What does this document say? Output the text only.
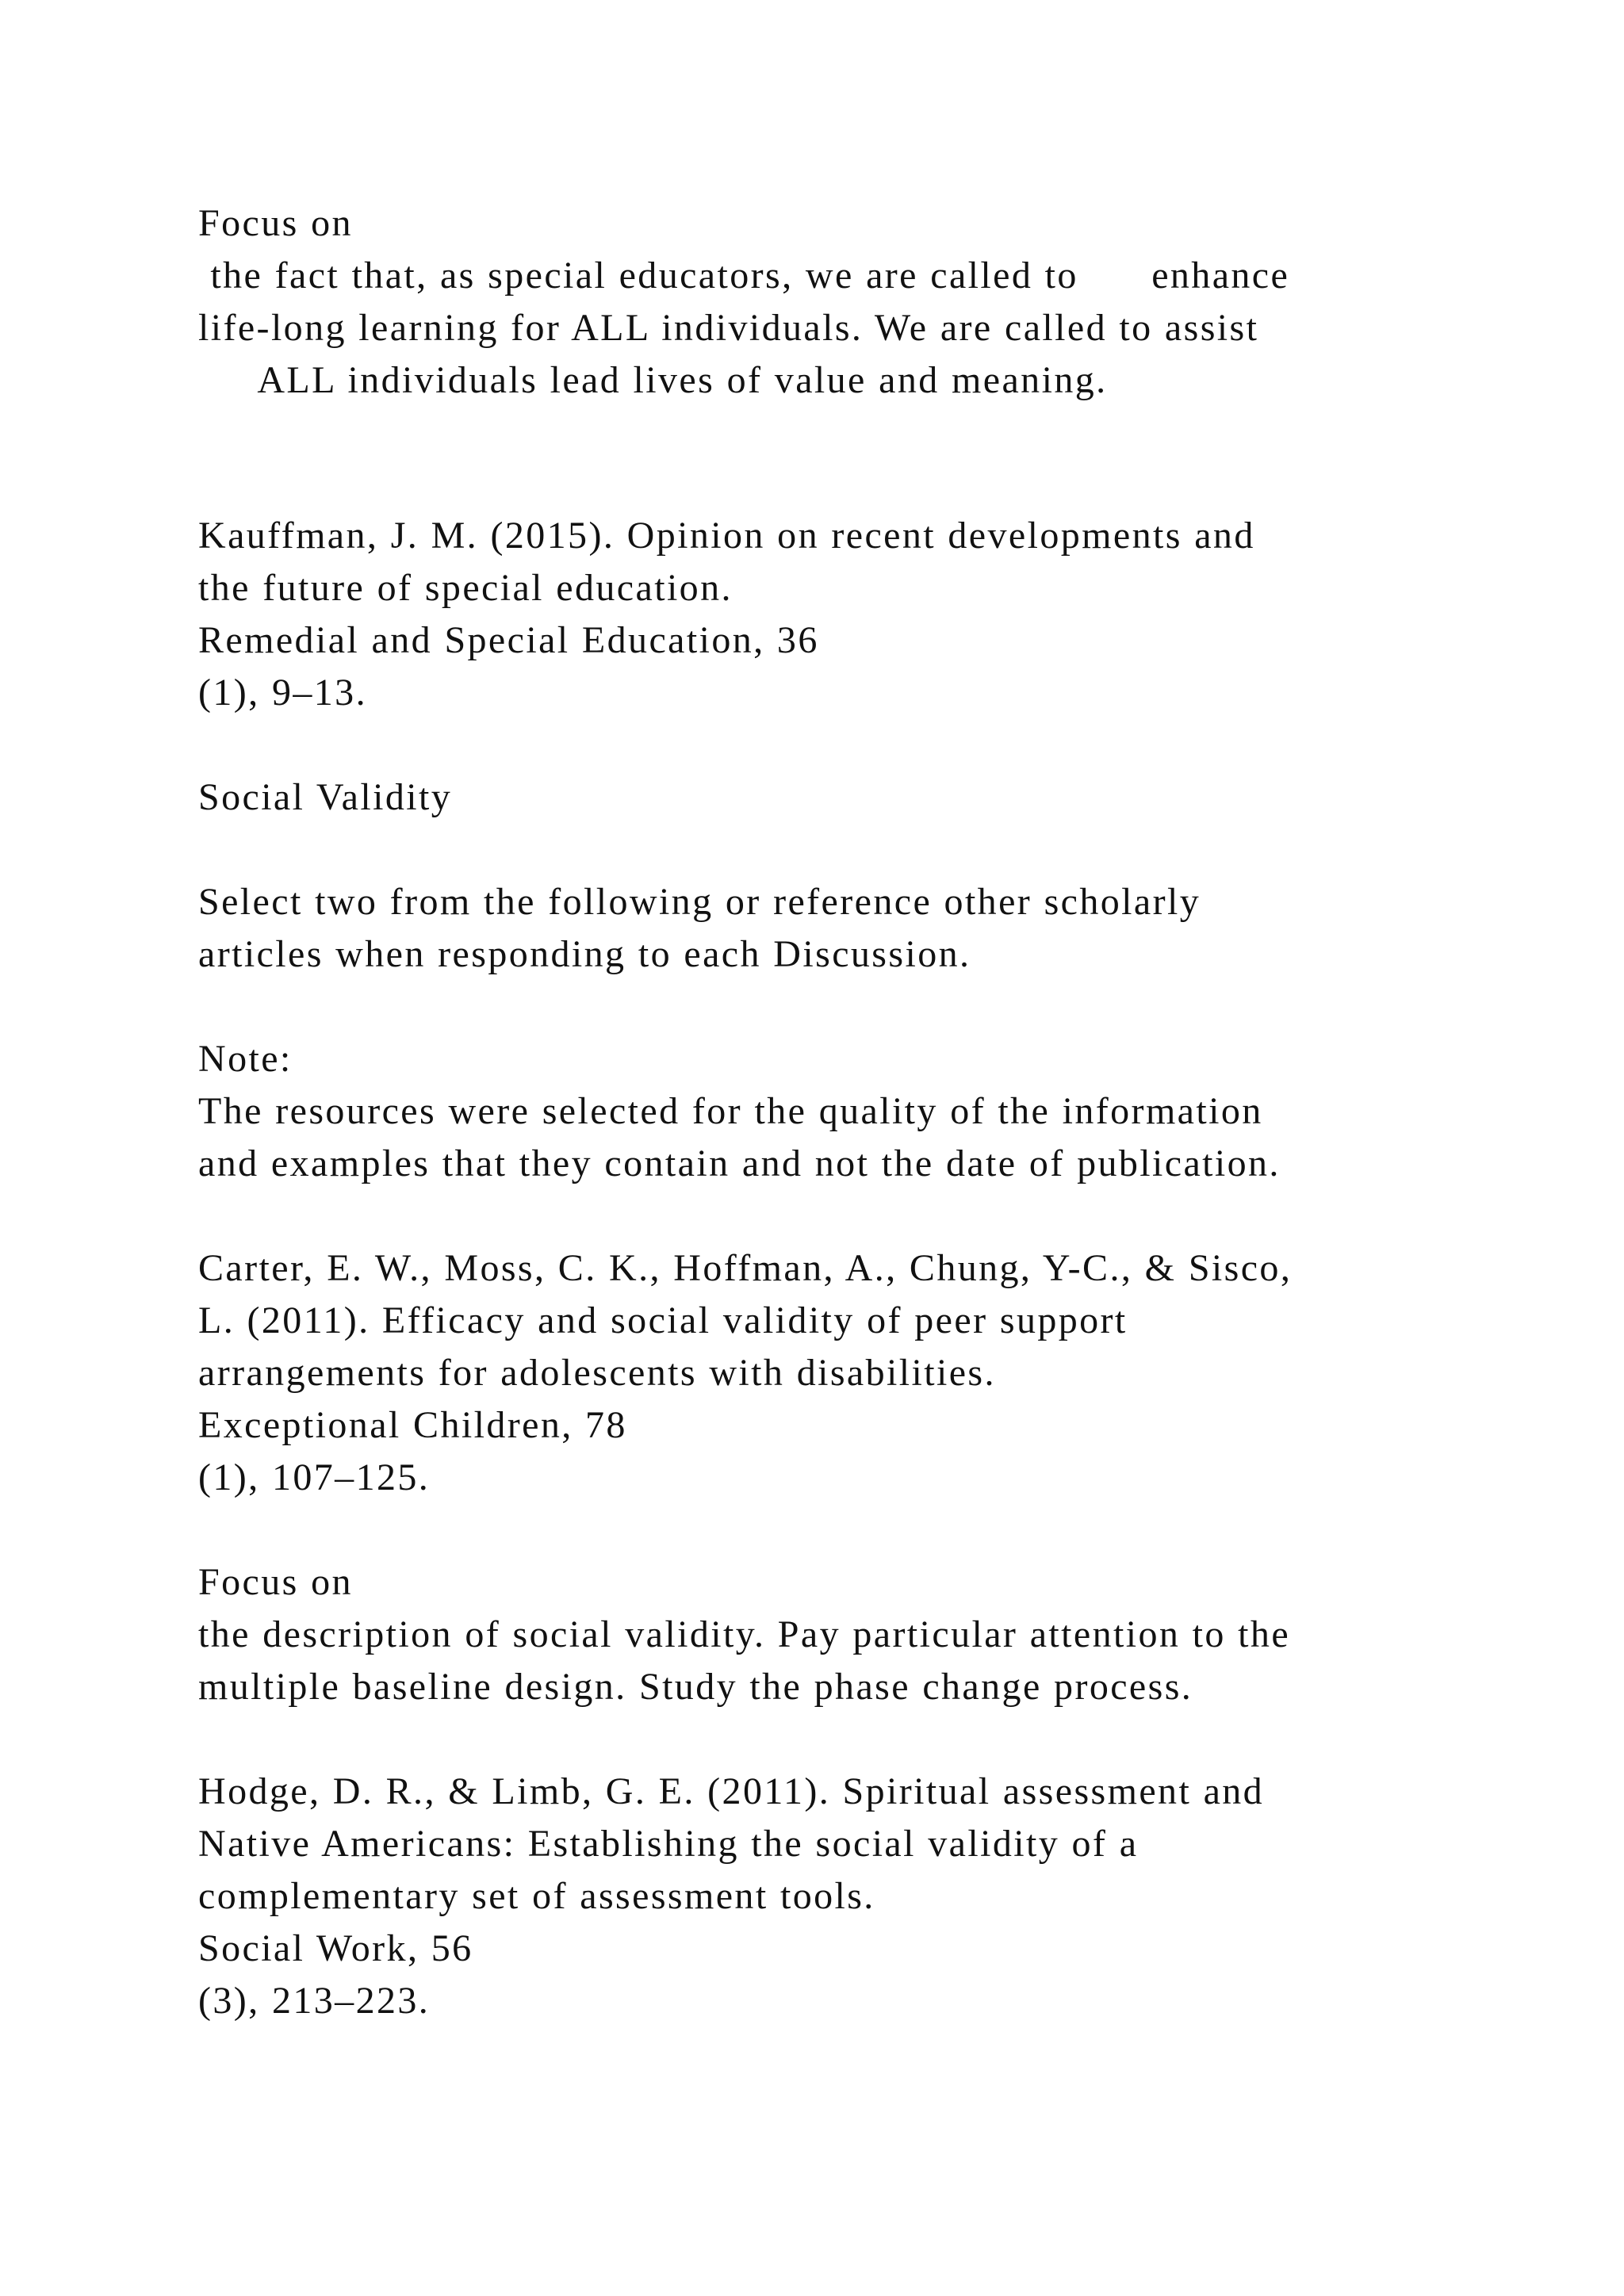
Focus on

the fact that, as special educators, we are called to      enhance

life-long learning for ALL individuals. We are called to assist

ALL individuals lead lives of value and meaning.

Kauffman, J. M. (2015). Opinion on recent developments and

the future of special education.

Remedial and Special Education, 36

(1), 9–13.

Social Validity

Select two from the following or reference other scholarly

articles when responding to each Discussion.

Note:

The resources were selected for the quality of the information

and examples that they contain and not the date of publication.

Carter, E. W., Moss, C. K., Hoffman, A., Chung, Y-C., & Sisco,

L. (2011). Efficacy and social validity of peer support

arrangements for adolescents with disabilities.

Exceptional Children, 78

(1), 107–125.

Focus on

the description of social validity. Pay particular attention to the

multiple baseline design. Study the phase change process.

Hodge, D. R., & Limb, G. E. (2011). Spiritual assessment and

Native Americans: Establishing the social validity of a

complementary set of assessment tools.

Social Work, 56

(3), 213–223.
